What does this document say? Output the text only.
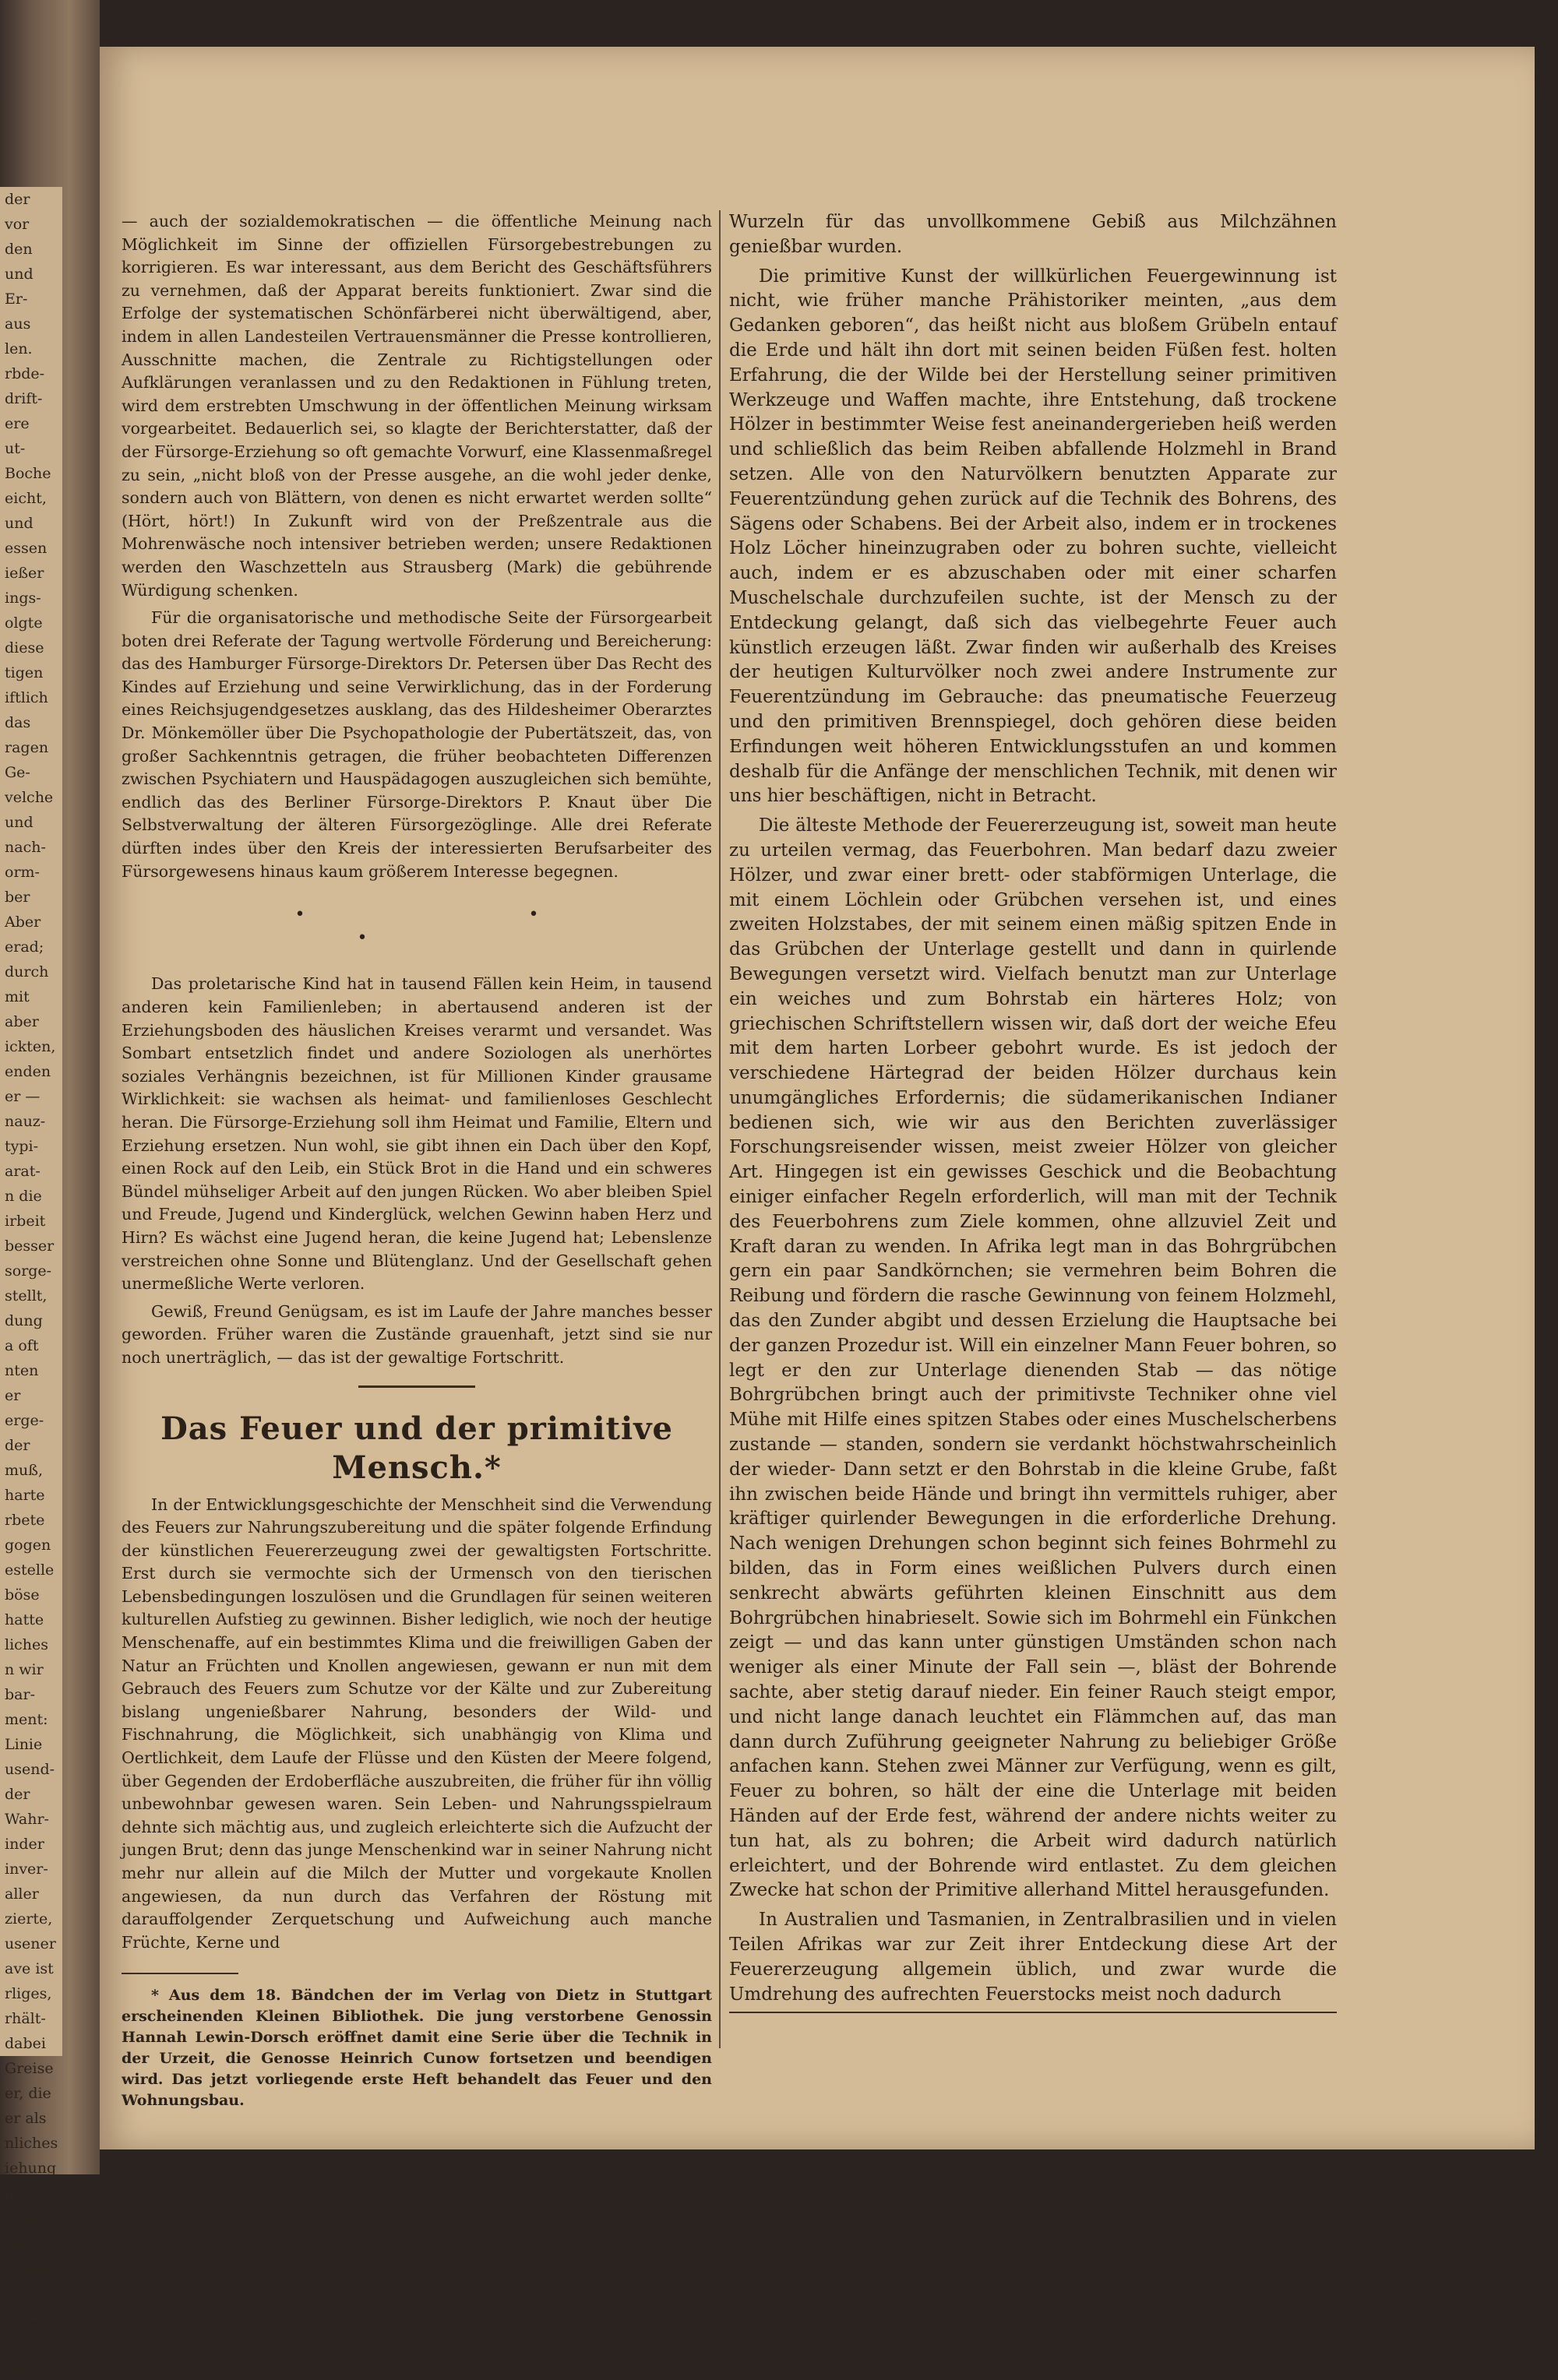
der
vor
den
und
Er-
aus
len.
rbde-
drift-
ere
ut-
Boche
eicht,
und
essen
ießer
ings-
olgte
diese
tigen
iftlich
das
ragen
Ge-
velche
und
nach-
orm-
ber
Aber
erad;
durch
mit
aber
ickten,
enden
er —
nauz-
typi-
arat-
n die
irbeit
besser
sorge-
stellt,
dung
a oft
nten
er
erge-
der
muß,
harte
rbete
gogen
estelle
böse
hatte
liches
n wir
bar-
ment:
Linie
usend-
der
Wahr-
inder
inver-
aller
zierte,
usener
ave ist
rliges,
rhält-
dabei
Greise
er, die
er als
nliches
iehung
impfen
lelbe,
stalk-
benen
Nun
rebe-
er
resse

— auch der sozialdemokratischen — die öffentliche Meinung nach Möglichkeit im Sinne der offiziellen Fürsorgebestrebungen zu korrigieren. Es war interessant, aus dem Bericht des Geschäftsführers zu vernehmen, daß der Apparat bereits funktioniert. Zwar sind die Erfolge der systematischen Schönfärberei nicht überwältigend, aber, indem in allen Landesteilen Vertrauensmänner die Presse kontrollieren, Ausschnitte machen, die Zentrale zu Richtigstellungen oder Aufklärungen veranlassen und zu den Redaktionen in Fühlung treten, wird dem erstrebten Umschwung in der öffentlichen Meinung wirksam vorgearbeitet. Bedauerlich sei, so klagte der Berichterstatter, daß der der Fürsorge-Erziehung so oft gemachte Vorwurf, eine Klassenmaßregel zu sein, „nicht bloß von der Presse ausgehe, an die wohl jeder denke, sondern auch von Blättern, von denen es nicht erwartet werden sollte“ (Hört, hört!) In Zukunft wird von der Preßzentrale aus die Mohrenwäsche noch intensiver betrieben werden; unsere Redaktionen werden den Waschzetteln aus Strausberg (Mark) die gebührende Würdigung schenken.

Für die organisatorische und methodische Seite der Fürsorgearbeit boten drei Referate der Tagung wertvolle Förderung und Bereicherung: das des Hamburger Fürsorge-Direktors Dr. Petersen über Das Recht des Kindes auf Erziehung und seine Verwirklichung, das in der Forderung eines Reichsjugendgesetzes ausklang, das des Hildesheimer Oberarztes Dr. Mönkemöller über Die Psychopathologie der Pubertätszeit, das, von großer Sachkenntnis getragen, die früher beobachteten Differenzen zwischen Psychiatern und Hauspädagogen auszugleichen sich bemühte, endlich das des Berliner Fürsorge-Direktors P. Knaut über Die Selbstverwaltung der älteren Fürsorgezöglinge. Alle drei Referate dürften indes über den Kreis der interessierten Berufsarbeiter des Fürsorgewesens hinaus kaum größerem Interesse begegnen.

• • •

Das proletarische Kind hat in tausend Fällen kein Heim, in tausend anderen kein Familienleben; in abertausend anderen ist der Erziehungsboden des häuslichen Kreises verarmt und versandet. Was Sombart entsetzlich findet und andere Soziologen als unerhörtes soziales Verhängnis bezeichnen, ist für Millionen Kinder grausame Wirklichkeit: sie wachsen als heimat- und familienloses Geschlecht heran. Die Fürsorge-Erziehung soll ihm Heimat und Familie, Eltern und Erziehung ersetzen. Nun wohl, sie gibt ihnen ein Dach über den Kopf, einen Rock auf den Leib, ein Stück Brot in die Hand und ein schweres Bündel mühseliger Arbeit auf den jungen Rücken. Wo aber bleiben Spiel und Freude, Jugend und Kinderglück, welchen Gewinn haben Herz und Hirn? Es wächst eine Jugend heran, die keine Jugend hat; Lebenslenze verstreichen ohne Sonne und Blütenglanz. Und der Gesellschaft gehen unermeßliche Werte verloren.

Gewiß, Freund Genügsam, es ist im Laufe der Jahre manches besser geworden. Früher waren die Zustände grauenhaft, jetzt sind sie nur noch unerträglich, — das ist der gewaltige Fortschritt.

Das Feuer und der primitive Mensch.*

In der Entwicklungsgeschichte der Menschheit sind die Verwendung des Feuers zur Nahrungszubereitung und die später folgende Erfindung der künstlichen Feuererzeugung zwei der gewaltigsten Fortschritte. Erst durch sie vermochte sich der Urmensch von den tierischen Lebensbedingungen loszulösen und die Grundlagen für seinen weiteren kulturellen Aufstieg zu gewinnen. Bisher lediglich, wie noch der heutige Menschenaffe, auf ein bestimmtes Klima und die freiwilligen Gaben der Natur an Früchten und Knollen angewiesen, gewann er nun mit dem Gebrauch des Feuers zum Schutze vor der Kälte und zur Zubereitung bislang ungenießbarer Nahrung, besonders der Wild- und Fischnahrung, die Möglichkeit, sich unabhängig von Klima und Oertlichkeit, dem Laufe der Flüsse und den Küsten der Meere folgend, über Gegenden der Erdoberfläche auszubreiten, die früher für ihn völlig unbewohnbar gewesen waren. Sein Leben- und Nahrungsspielraum dehnte sich mächtig aus, und zugleich erleichterte sich die Aufzucht der jungen Brut; denn das junge Menschenkind war in seiner Nahrung nicht mehr nur allein auf die Milch der Mutter und vorgekaute Knollen angewiesen, da nun durch das Verfahren der Röstung mit darauffolgender Zerquetschung und Aufweichung auch manche Früchte, Kerne und

* Aus dem 18. Bändchen der im Verlag von Dietz in Stuttgart erscheinenden Kleinen Bibliothek. Die jung verstorbene Genossin Hannah Lewin-Dorsch eröffnet damit eine Serie über die Technik in der Urzeit, die Genosse Heinrich Cunow fortsetzen und beendigen wird. Das jetzt vorliegende erste Heft behandelt das Feuer und den Wohnungsbau.

Wurzeln für das unvollkommene Gebiß aus Milchzähnen genießbar wurden.

Die primitive Kunst der willkürlichen Feuergewinnung ist nicht, wie früher manche Prähistoriker meinten, „aus dem Gedanken geboren“, das heißt nicht aus bloßem Grübeln entauf die Erde und hält ihn dort mit seinen beiden Füßen fest. holten Erfahrung, die der Wilde bei der Herstellung seiner primitiven Werkzeuge und Waffen machte, ihre Entstehung, daß trockene Hölzer in bestimmter Weise fest aneinandergerieben heiß werden und schließlich das beim Reiben abfallende Holzmehl in Brand setzen. Alle von den Naturvölkern benutzten Apparate zur Feuerentzündung gehen zurück auf die Technik des Bohrens, des Sägens oder Schabens. Bei der Arbeit also, indem er in trockenes Holz Löcher hineinzugraben oder zu bohren suchte, vielleicht auch, indem er es abzuschaben oder mit einer scharfen Muschelschale durchzufeilen suchte, ist der Mensch zu der Entdeckung gelangt, daß sich das vielbegehrte Feuer auch künstlich erzeugen läßt. Zwar finden wir außerhalb des Kreises der heutigen Kulturvölker noch zwei andere Instrumente zur Feuerentzündung im Gebrauche: das pneumatische Feuerzeug und den primitiven Brennspiegel, doch gehören diese beiden Erfindungen weit höheren Entwicklungsstufen an und kommen deshalb für die Anfänge der menschlichen Technik, mit denen wir uns hier beschäftigen, nicht in Betracht.

Die älteste Methode der Feuererzeugung ist, soweit man heute zu urteilen vermag, das Feuerbohren. Man bedarf dazu zweier Hölzer, und zwar einer brett- oder stabförmigen Unterlage, die mit einem Löchlein oder Grübchen versehen ist, und eines zweiten Holzstabes, der mit seinem einen mäßig spitzen Ende in das Grübchen der Unterlage gestellt und dann in quirlende Bewegungen versetzt wird. Vielfach benutzt man zur Unterlage ein weiches und zum Bohrstab ein härteres Holz; von griechischen Schriftstellern wissen wir, daß dort der weiche Efeu mit dem harten Lorbeer gebohrt wurde. Es ist jedoch der verschiedene Härtegrad der beiden Hölzer durchaus kein unumgängliches Erfordernis; die südamerikanischen Indianer bedienen sich, wie wir aus den Berichten zuverlässiger Forschungsreisender wissen, meist zweier Hölzer von gleicher Art. Hingegen ist ein gewisses Geschick und die Beobachtung einiger einfacher Regeln erforderlich, will man mit der Technik des Feuerbohrens zum Ziele kommen, ohne allzuviel Zeit und Kraft daran zu wenden. In Afrika legt man in das Bohrgrübchen gern ein paar Sandkörnchen; sie vermehren beim Bohren die Reibung und fördern die rasche Gewinnung von feinem Holzmehl, das den Zunder abgibt und dessen Erzielung die Hauptsache bei der ganzen Prozedur ist. Will ein einzelner Mann Feuer bohren, so legt er den zur Unterlage dienenden Stab — das nötige Bohrgrübchen bringt auch der primitivste Techniker ohne viel Mühe mit Hilfe eines spitzen Stabes oder eines Muschelscherbens zustande — standen, sondern sie verdankt höchstwahrscheinlich der wieder- Dann setzt er den Bohrstab in die kleine Grube, faßt ihn zwischen beide Hände und bringt ihn vermittels ruhiger, aber kräftiger quirlender Bewegungen in die erforderliche Drehung. Nach wenigen Drehungen schon beginnt sich feines Bohrmehl zu bilden, das in Form eines weißlichen Pulvers durch einen senkrecht abwärts geführten kleinen Einschnitt aus dem Bohrgrübchen hinabrieselt. Sowie sich im Bohrmehl ein Fünkchen zeigt — und das kann unter günstigen Umständen schon nach weniger als einer Minute der Fall sein —, bläst der Bohrende sachte, aber stetig darauf nieder. Ein feiner Rauch steigt empor, und nicht lange danach leuchtet ein Flämmchen auf, das man dann durch Zuführung geeigneter Nahrung zu beliebiger Größe anfachen kann. Stehen zwei Männer zur Verfügung, wenn es gilt, Feuer zu bohren, so hält der eine die Unterlage mit beiden Händen auf der Erde fest, während der andere nichts weiter zu tun hat, als zu bohren; die Arbeit wird dadurch natürlich erleichtert, und der Bohrende wird entlastet. Zu dem gleichen Zwecke hat schon der Primitive allerhand Mittel herausgefunden.

In Australien und Tasmanien, in Zentralbrasilien und in vielen Teilen Afrikas war zur Zeit ihrer Entdeckung diese Art der Feuererzeugung allgemein üblich, und zwar wurde die Umdrehung des aufrechten Feuerstocks meist noch dadurch
